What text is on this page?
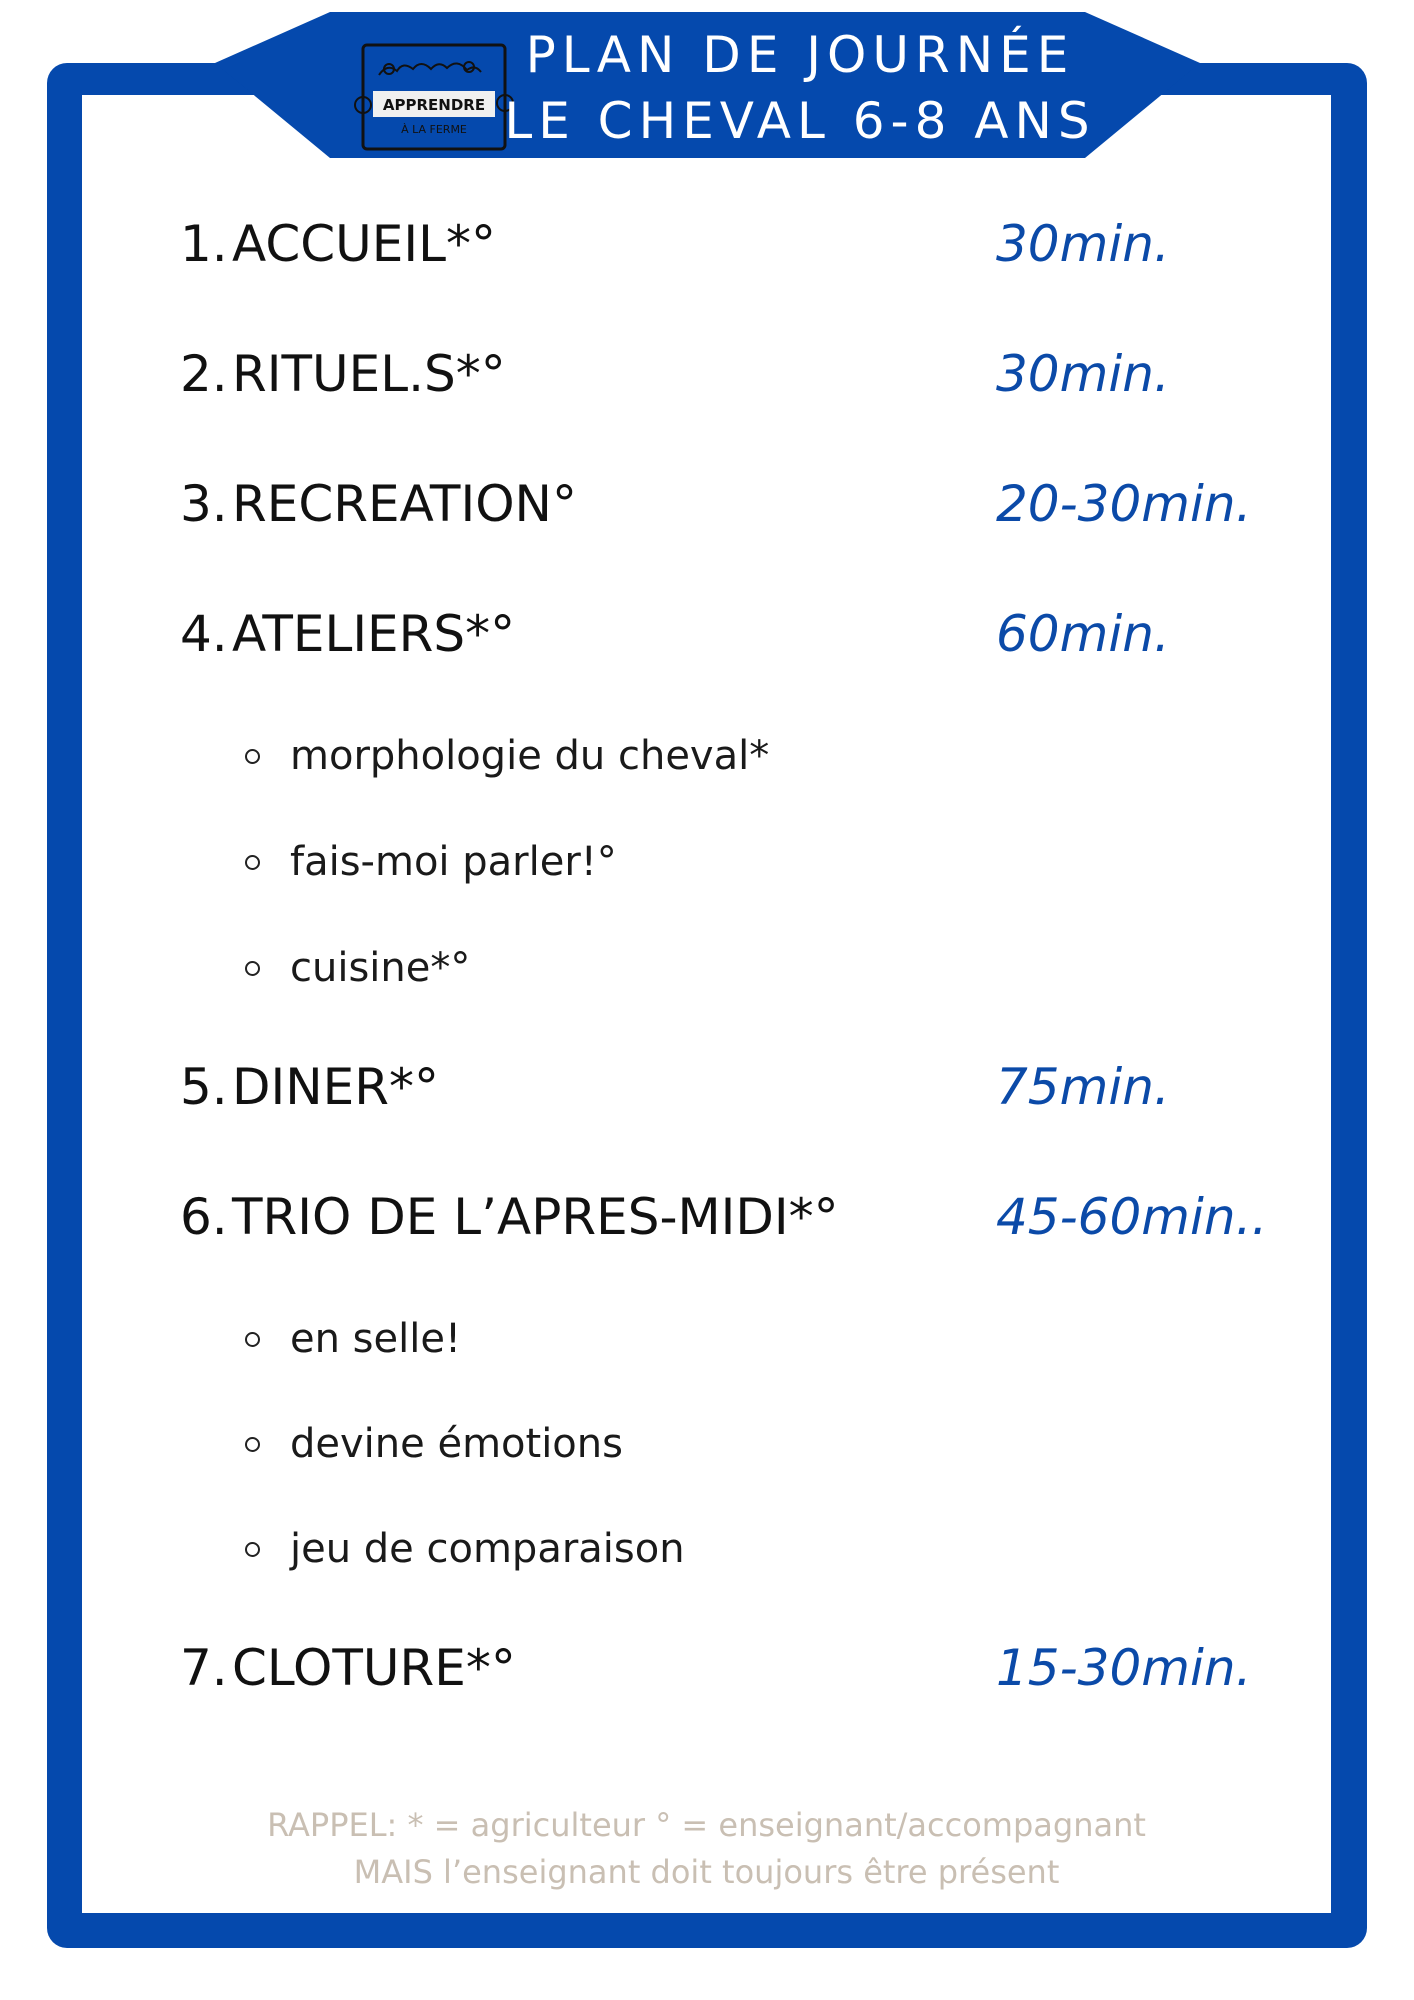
APPRENDRE
À LA FERME
PLAN DE JOURNÉE
LE CHEVAL 6-8 ANS
1. ACCUEIL*°	30min.
2. RITUEL.S*°	30min.
3. RECREATION°	20-30min.
4. ATELIERS*°	60min.
morphologie du cheval*
fais-moi parler!°
cuisine*°
5. DINER*°	75min.
6. TRIO DE L’APRES-MIDI*°	45-60min..
en selle!
devine émotions
jeu de comparaison
7. CLOTURE*°	15-30min.
RAPPEL: * = agriculteur ° = enseignant/accompagnant
MAIS l’enseignant doit toujours être présent
